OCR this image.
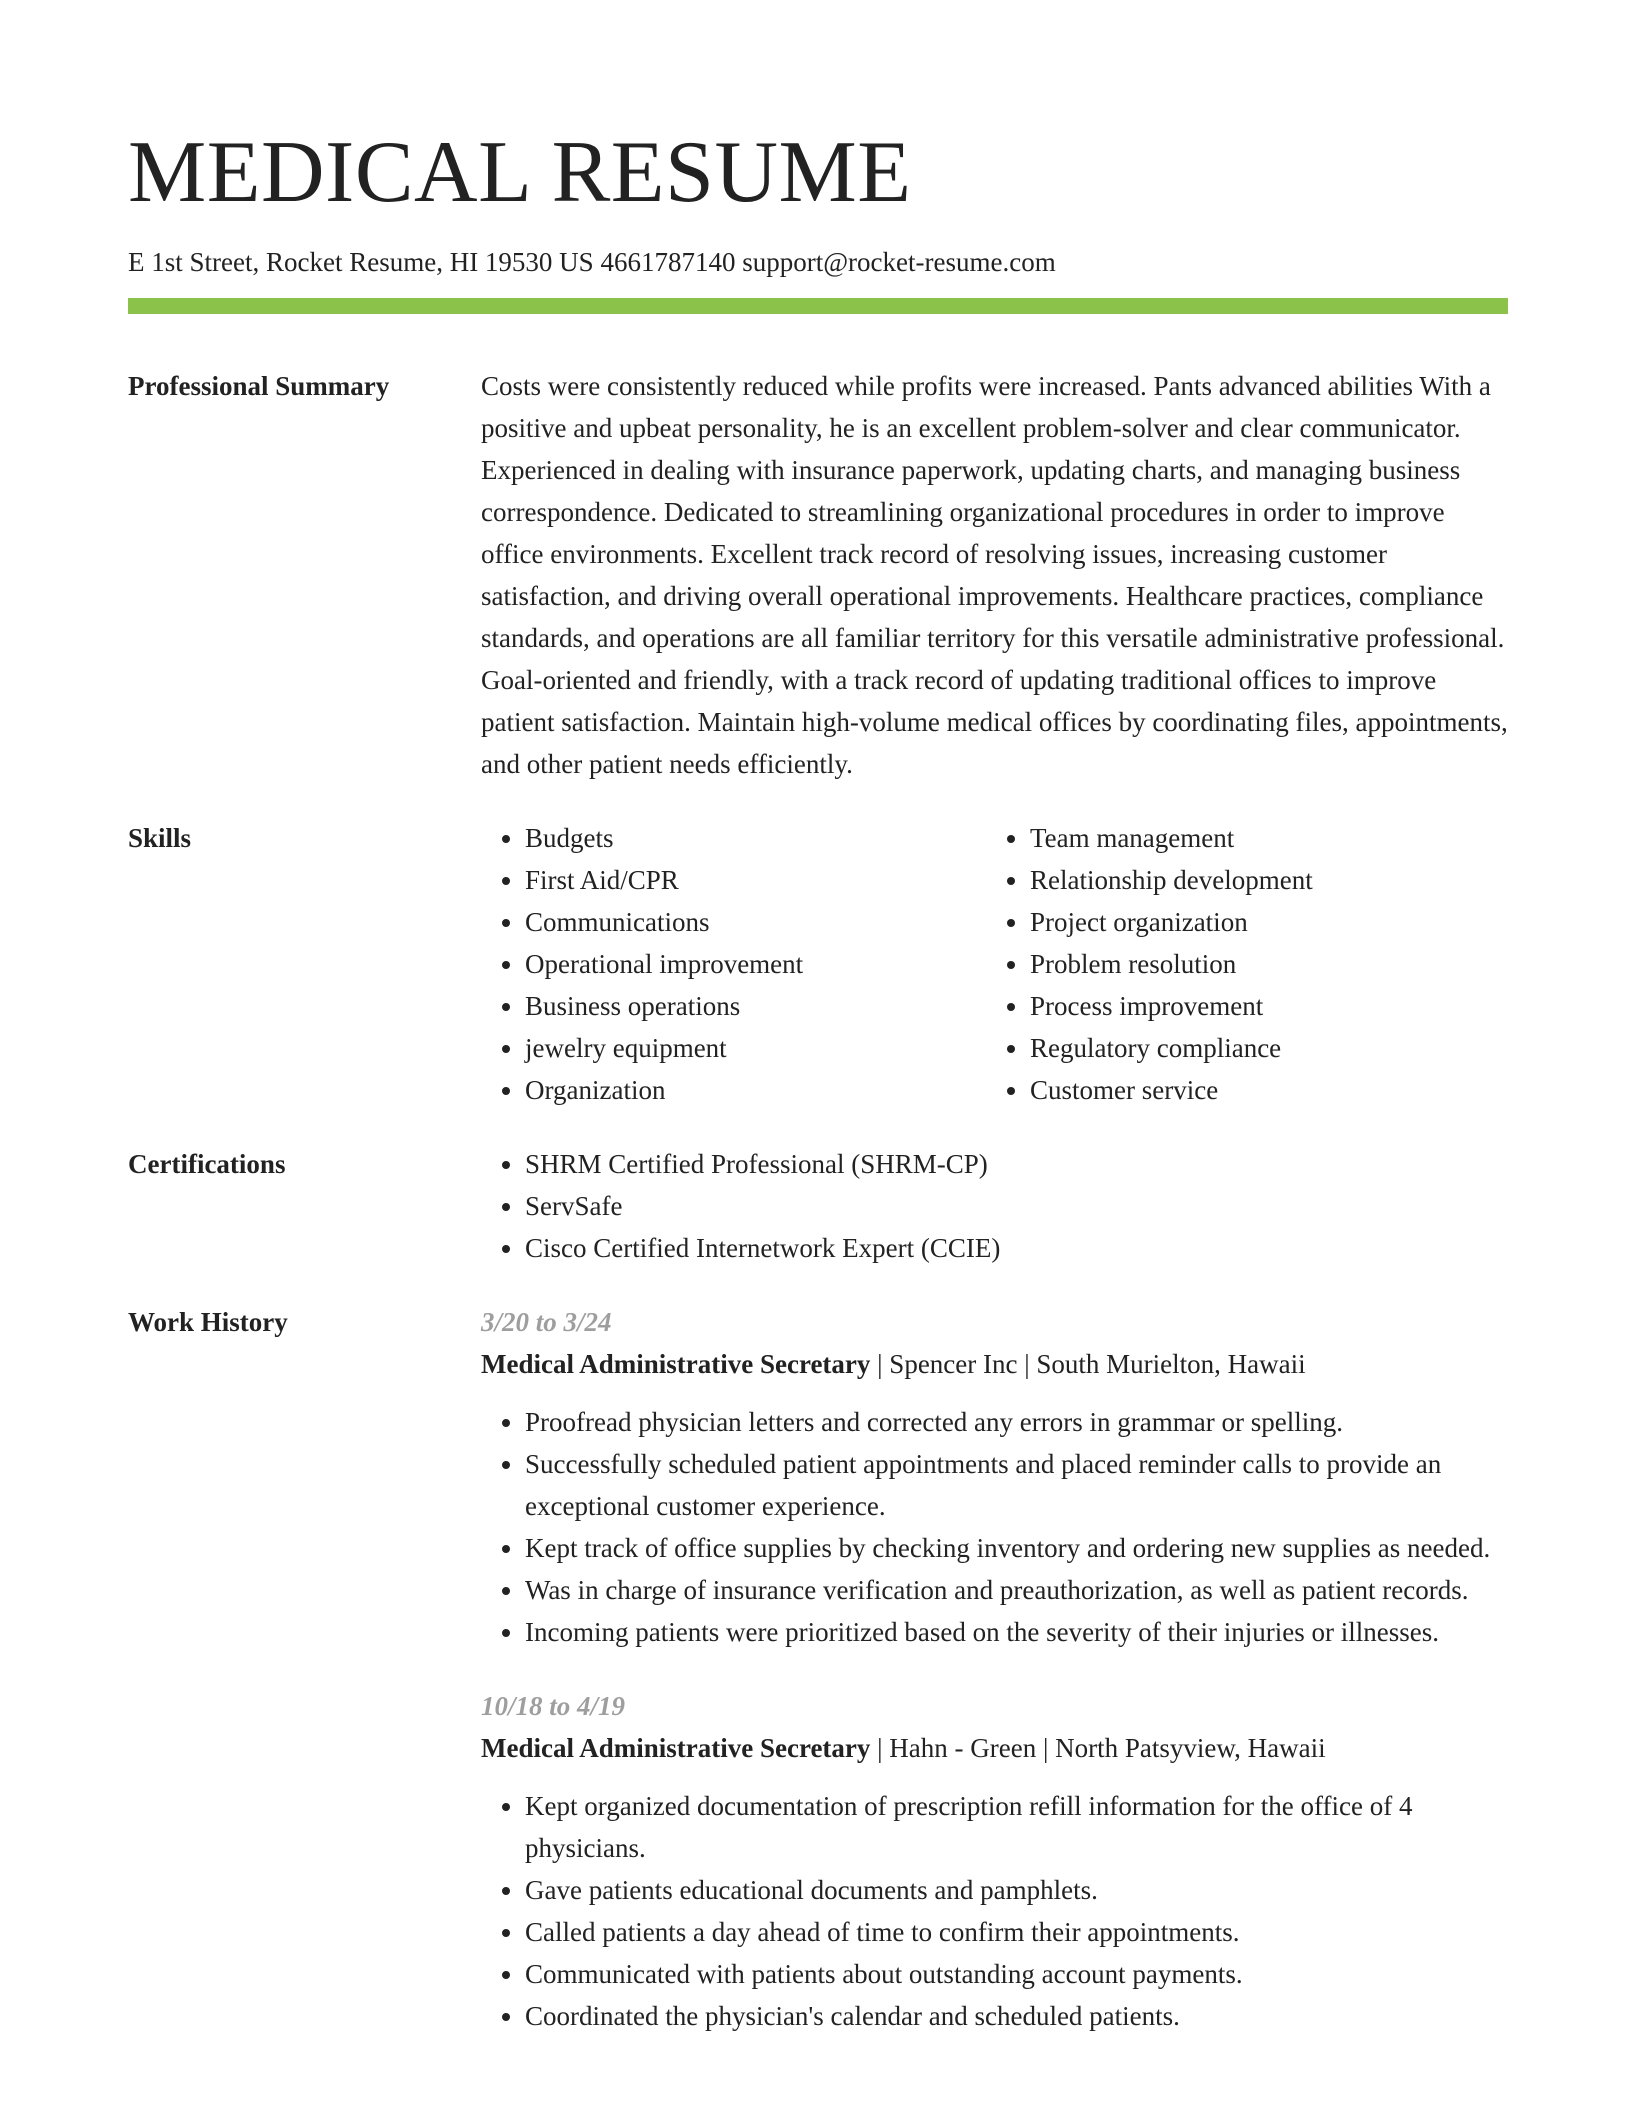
MEDICAL RESUME
E 1st Street, Rocket Resume, HI 19530 US 4661787140 support@rocket-resume.com
Professional Summary	Costs were consistently reduced while profits were increased. Pants advanced abilities With a positive and upbeat personality, he is an excellent problem-solver and clear communicator. Experienced in dealing with insurance paperwork, updating charts, and managing business correspondence. Dedicated to streamlining organizational procedures in order to improve office environments. Excellent track record of resolving issues, increasing customer satisfaction, and driving overall operational improvements. Healthcare practices, compliance standards, and operations are all familiar territory for this versatile administrative professional. Goal-oriented and friendly, with a track record of updating traditional offices to improve patient satisfaction. Maintain high-volume medical offices by coordinating files, appointments, and other patient needs efficiently.
Skills	• Budgets
• First Aid/CPR
• Communications
• Operational improvement
• Business operations
• jewelry equipment
• Organization
• Team management
• Relationship development
• Project organization
• Problem resolution
• Process improvement
• Regulatory compliance
• Customer service
Certifications	• SHRM Certified Professional (SHRM-CP)
• ServSafe
• Cisco Certified Internetwork Expert (CCIE)
Work History	3/20 to 3/24
Medical Administrative Secretary | Spencer Inc | South Murielton, Hawaii
• Proofread physician letters and corrected any errors in grammar or spelling.
• Successfully scheduled patient appointments and placed reminder calls to provide an exceptional customer experience.
• Kept track of office supplies by checking inventory and ordering new supplies as needed.
• Was in charge of insurance verification and preauthorization, as well as patient records.
• Incoming patients were prioritized based on the severity of their injuries or illnesses.
10/18 to 4/19
Medical Administrative Secretary | Hahn - Green | North Patsyview, Hawaii
• Kept organized documentation of prescription refill information for the office of 4 physicians.
• Gave patients educational documents and pamphlets.
• Called patients a day ahead of time to confirm their appointments.
• Communicated with patients about outstanding account payments.
• Coordinated the physician's calendar and scheduled patients.
